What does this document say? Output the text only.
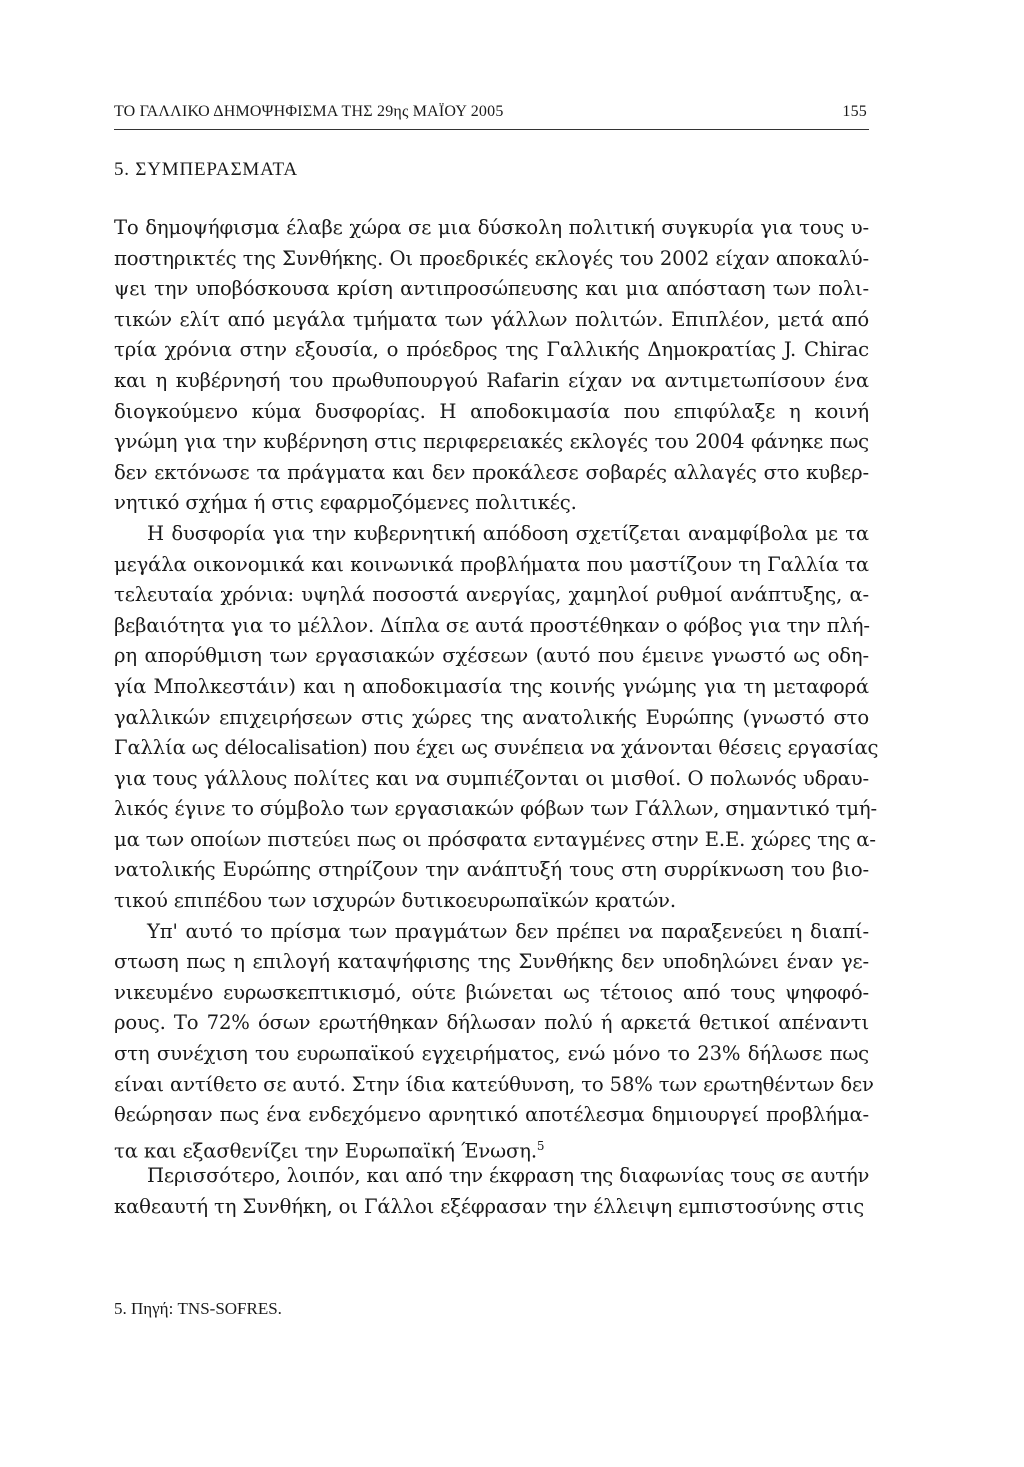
ΤΟ ΓΑΛΛΙΚΟ ΔΗΜΟΨΗΦΙΣΜΑ ΤΗΣ 29ης ΜΑΪΟΥ 2005	155
5. ΣΥΜΠΕΡΑΣΜΑΤΑ
Το δημοψήφισμα έλαβε χώρα σε μια δύσκολη πολιτική συγκυρία για τους υ-
ποστηρικτές της Συνθήκης. Οι προεδρικές εκλογές του 2002 είχαν αποκαλύ-
ψει την υποβόσκουσα κρίση αντιπροσώπευσης και μια απόσταση των πολι-
τικών ελίτ από μεγάλα τμήματα των γάλλων πολιτών. Επιπλέον, μετά από
τρία χρόνια στην εξουσία, ο πρόεδρος της Γαλλικής Δημοκρατίας J. Chirac
και η κυβέρνησή του πρωθυπουργού Rafarin είχαν να αντιμετωπίσουν ένα
διογκούμενο κύμα δυσφορίας. Η αποδοκιμασία που επιφύλαξε η κοινή
γνώμη για την κυβέρνηση στις περιφερειακές εκλογές του 2004 φάνηκε πως
δεν εκτόνωσε τα πράγματα και δεν προκάλεσε σοβαρές αλλαγές στο κυβερ-
νητικό σχήμα ή στις εφαρμοζόμενες πολιτικές.
Η δυσφορία για την κυβερνητική απόδοση σχετίζεται αναμφίβολα με τα
μεγάλα οικονομικά και κοινωνικά προβλήματα που μαστίζουν τη Γαλλία τα
τελευταία χρόνια: υψηλά ποσοστά ανεργίας, χαμηλοί ρυθμοί ανάπτυξης, α-
βεβαιότητα για το μέλλον. Δίπλα σε αυτά προστέθηκαν ο φόβος για την πλή-
ρη απορύθμιση των εργασιακών σχέσεων (αυτό που έμεινε γνωστό ως οδη-
γία Μπολκεστάιν) και η αποδοκιμασία της κοινής γνώμης για τη μεταφορά
γαλλικών επιχειρήσεων στις χώρες της ανατολικής Ευρώπης (γνωστό στο
Γαλλία ως délocalisation) που έχει ως συνέπεια να χάνονται θέσεις εργασίας
για τους γάλλους πολίτες και να συμπιέζονται οι μισθοί. Ο πολωνός υδραυ-
λικός έγινε το σύμβολο των εργασιακών φόβων των Γάλλων, σημαντικό τμή-
μα των οποίων πιστεύει πως οι πρόσφατα ενταγμένες στην Ε.Ε. χώρες της α-
νατολικής Ευρώπης στηρίζουν την ανάπτυξή τους στη συρρίκνωση του βιο-
τικού επιπέδου των ισχυρών δυτικοευρωπαϊκών κρατών.
Υπ' αυτό το πρίσμα των πραγμάτων δεν πρέπει να παραξενεύει η διαπί-
στωση πως η επιλογή καταψήφισης της Συνθήκης δεν υποδηλώνει έναν γε-
νικευμένο ευρωσκεπτικισμό, ούτε βιώνεται ως τέτοιος από τους ψηφοφό-
ρους. Το 72% όσων ερωτήθηκαν δήλωσαν πολύ ή αρκετά θετικοί απέναντι
στη συνέχιση του ευρωπαϊκού εγχειρήματος, ενώ μόνο το 23% δήλωσε πως
είναι αντίθετο σε αυτό. Στην ίδια κατεύθυνση, το 58% των ερωτηθέντων δεν
θεώρησαν πως ένα ενδεχόμενο αρνητικό αποτέλεσμα δημιουργεί προβλήμα-
τα και εξασθενίζει την Ευρωπαϊκή Ένωση.$^5$
Περισσότερο, λοιπόν, και από την έκφραση της διαφωνίας τους σε αυτήν
καθεαυτή τη Συνθήκη, οι Γάλλοι εξέφρασαν την έλλειψη εμπιστοσύνης στις
5. Πηγή: TNS-SOFRES.
